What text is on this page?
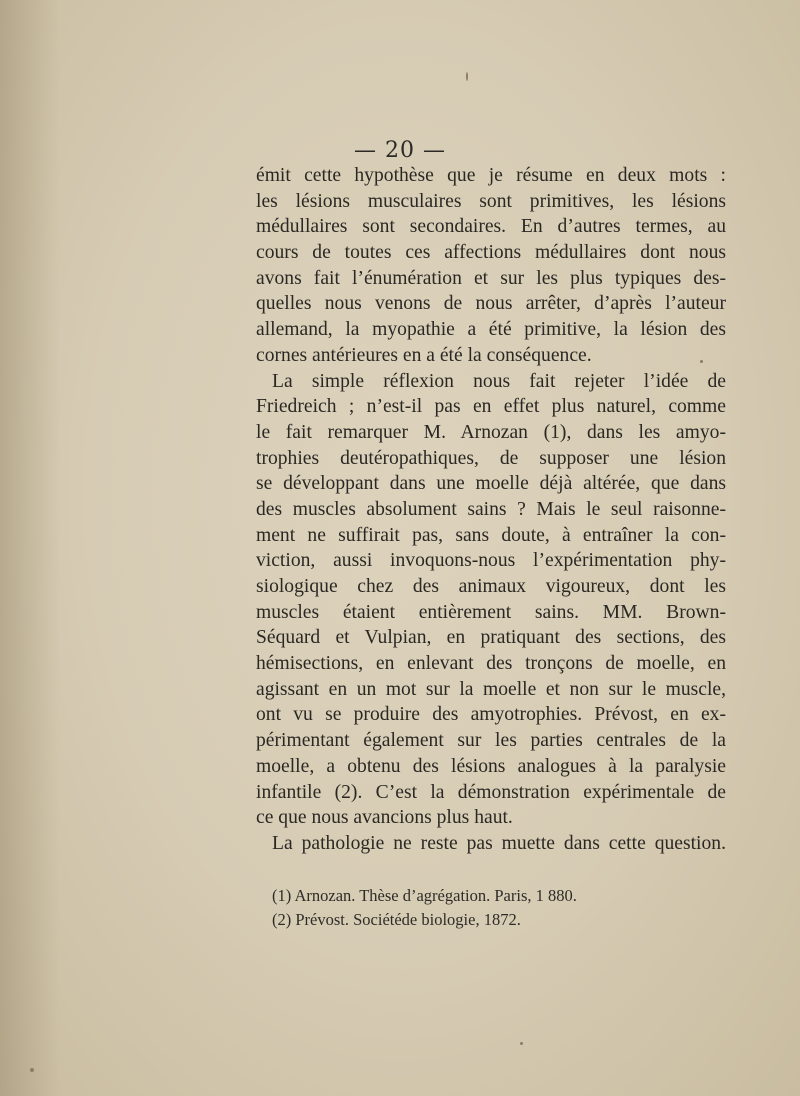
— 20 —
émit cette hypothèse que je résume en deux mots :
les lésions musculaires sont primitives, les lésions
médullaires sont secondaires. En d’autres termes, au
cours de toutes ces affections médullaires dont nous
avons fait l’énumération et sur les plus typiques des-
quelles nous venons de nous arrêter, d’après l’auteur
allemand, la myopathie a été primitive, la lésion des
cornes antérieures en a été la conséquence.
La simple réflexion nous fait rejeter l’idée de
Friedreich ; n’est-il pas en effet plus naturel, comme
le fait remarquer M. Arnozan (1), dans les amyo-
trophies deutéropathiques, de supposer une lésion
se développant dans une moelle déjà altérée, que dans
des muscles absolument sains ? Mais le seul raisonne-
ment ne suffirait pas, sans doute, à entraîner la con-
viction, aussi invoquons-nous l’expérimentation phy-
siologique chez des animaux vigoureux, dont les
muscles étaient entièrement sains. MM. Brown-
Séquard et Vulpian, en pratiquant des sections, des
hémisections, en enlevant des tronçons de moelle, en
agissant en un mot sur la moelle et non sur le muscle,
ont vu se produire des amyotrophies. Prévost, en ex-
périmentant également sur les parties centrales de la
moelle, a obtenu des lésions analogues à la paralysie
infantile (2). C’est la démonstration expérimentale de
ce que nous avancions plus haut.
La pathologie ne reste pas muette dans cette question.
(1) Arnozan. Thèse d’agrégation. Paris, 1 880.
(2) Prévost. Sociétéde biologie, 1872.
